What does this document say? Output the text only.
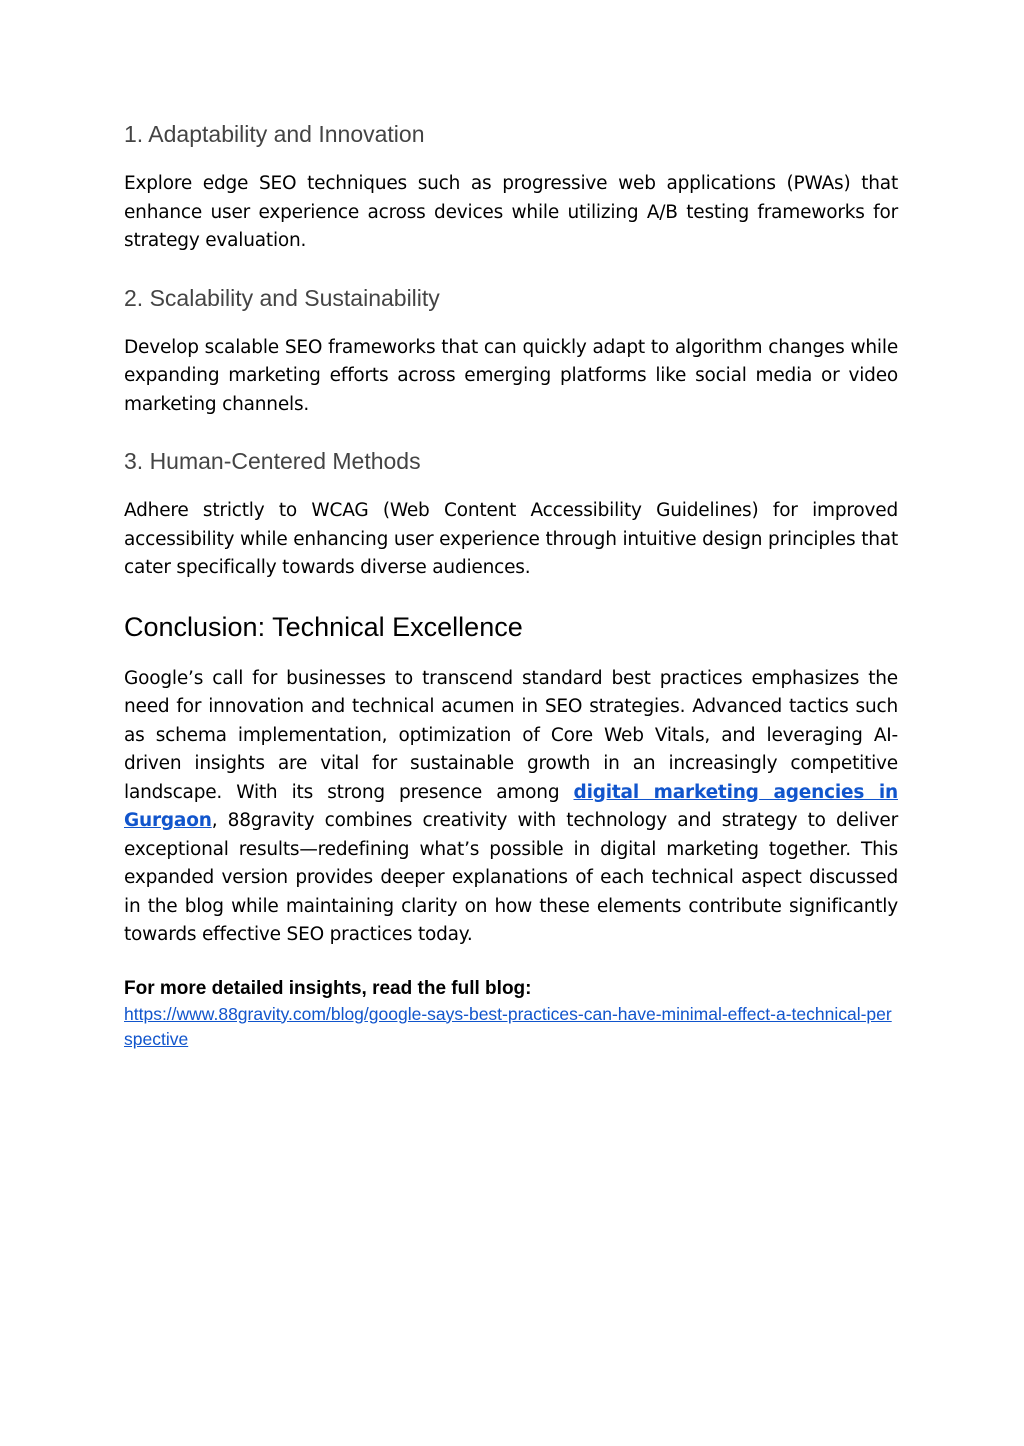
1. Adaptability and Innovation

Explore edge SEO techniques such as progressive web applications (PWAs) that enhance user experience across devices while utilizing A/B testing frameworks for strategy evaluation.

2. Scalability and Sustainability

Develop scalable SEO frameworks that can quickly adapt to algorithm changes while expanding marketing efforts across emerging platforms like social media or video marketing channels.

3. Human-Centered Methods

Adhere strictly to WCAG (Web Content Accessibility Guidelines) for improved accessibility while enhancing user experience through intuitive design principles that cater specifically towards diverse audiences.

Conclusion: Technical Excellence

Google’s call for businesses to transcend standard best practices emphasizes the need for innovation and technical acumen in SEO strategies. Advanced tactics such as schema implementation, optimization of Core Web Vitals, and leveraging AI-driven insights are vital for sustainable growth in an increasingly competitive landscape. With its strong presence among digital marketing agencies in Gurgaon, 88gravity combines creativity with technology and strategy to deliver exceptional results—redefining what’s possible in digital marketing together. This expanded version provides deeper explanations of each technical aspect discussed in the blog while maintaining clarity on how these elements contribute significantly towards effective SEO practices today.

For more detailed insights, read the full blog:

https://www.88gravity.com/blog/google-says-best-practices-can-have-minimal-effect-a-technical-perspective
